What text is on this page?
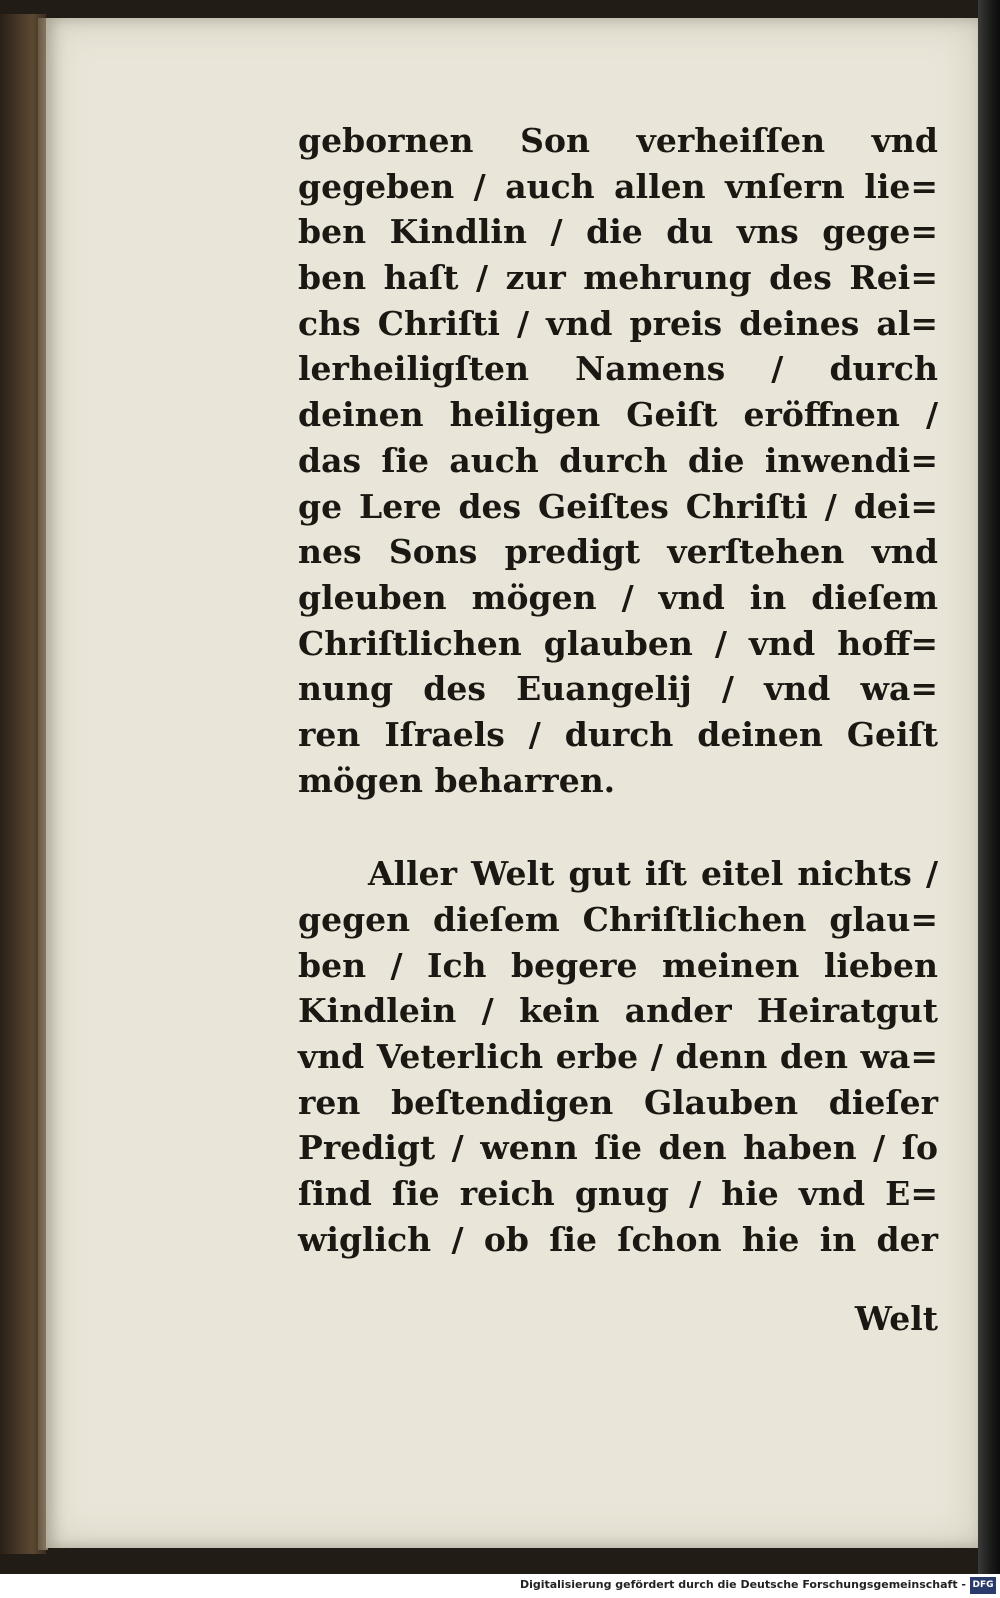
gebornen Son verheiſſen vnd
gegeben / auch allen vnſern lie=
ben Kindlin / die du vns gege=
ben haſt / zur mehrung des Rei=
chs Chriſti / vnd preis deines al=
lerheiligſten Namens / durch
deinen heiligen Geiſt eröffnen /
das ſie auch durch die inwendi=
ge Lere des Geiſtes Chriſti / dei=
nes Sons predigt verſtehen vnd
gleuben mögen / vnd in dieſem
Chriſtlichen glauben / vnd hoff=
nung des Euangelij / vnd wa=
ren Iſraels / durch deinen Geiſt
mögen beharren.
Aller Welt gut iſt eitel nichts /
gegen dieſem Chriſtlichen glau=
ben / Ich begere meinen lieben
Kindlein / kein ander Heiratgut
vnd Veterlich erbe / denn den wa=
ren beſtendigen Glauben dieſer
Predigt / wenn ſie den haben / ſo
ſind ſie reich gnug / hie vnd E=
wiglich / ob ſie ſchon hie in der
Welt
Digitalisierung gefördert durch die Deutsche Forschungsgemeinschaft - DFG
